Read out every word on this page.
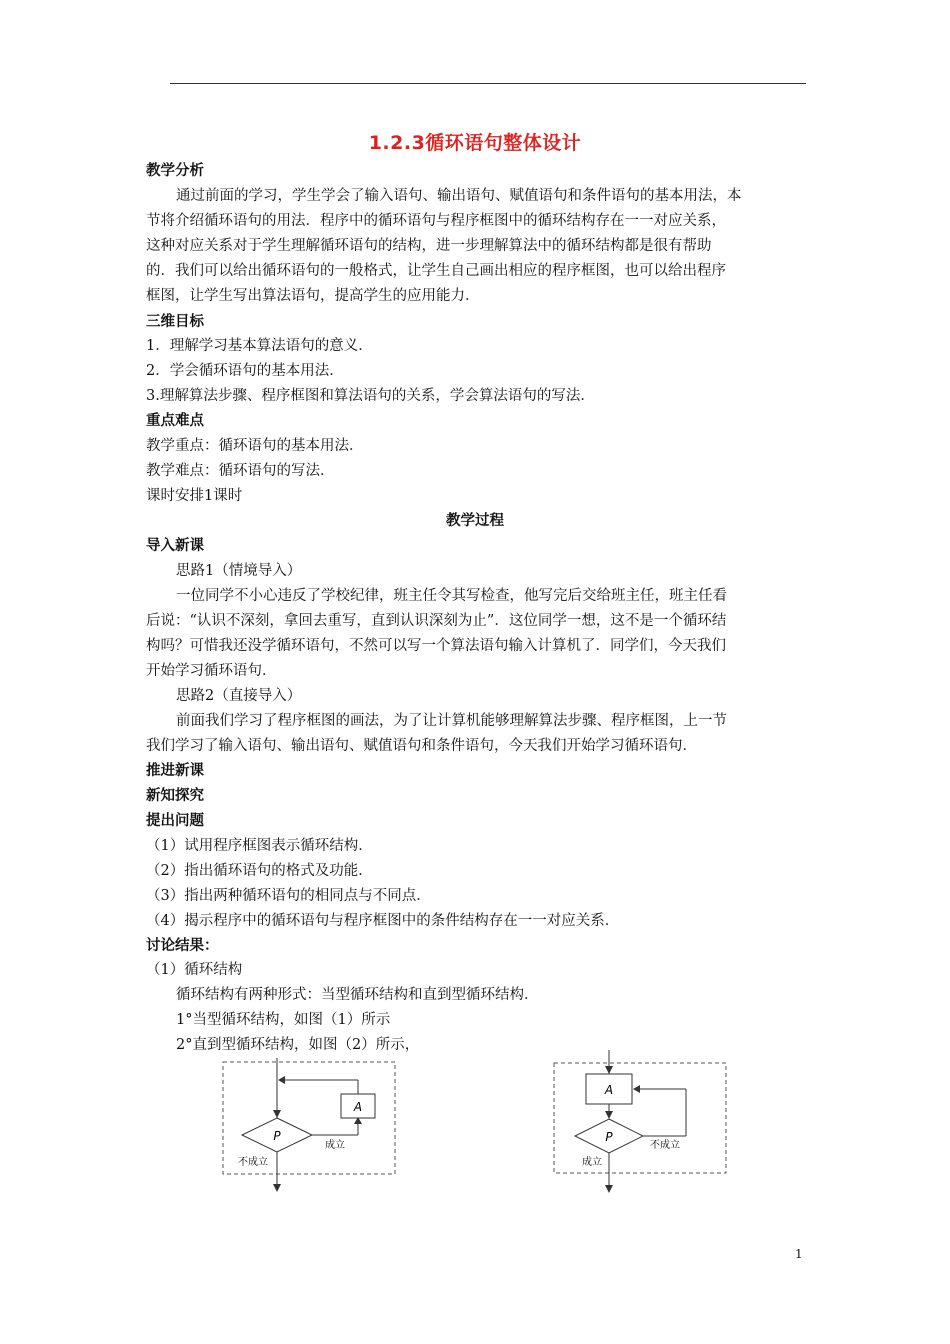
1.2.3循环语句整体设计
教学分析
通过前面的学习，学生学会了输入语句、输出语句、赋值语句和条件语句的基本用法，本
节将介绍循环语句的用法．程序中的循环语句与程序框图中的循环结构存在一一对应关系，
这种对应关系对于学生理解循环语句的结构，进一步理解算法中的循环结构都是很有帮助
的．我们可以给出循环语句的一般格式，让学生自己画出相应的程序框图，也可以给出程序
框图，让学生写出算法语句，提高学生的应用能力．
三维目标
1．理解学习基本算法语句的意义．
2．学会循环语句的基本用法．
3.理解算法步骤、程序框图和算法语句的关系，学会算法语句的写法．
重点难点
教学重点：循环语句的基本用法．
教学难点：循环语句的写法．
课时安排1课时
教学过程
导入新课
思路1（情境导入）
一位同学不小心违反了学校纪律，班主任令其写检查，他写完后交给班主任，班主任看
后说：“认识不深刻，拿回去重写，直到认识深刻为止”．这位同学一想，这不是一个循环结
构吗？可惜我还没学循环语句，不然可以写一个算法语句输入计算机了．同学们，今天我们
开始学习循环语句．
思路2（直接导入）
前面我们学习了程序框图的画法，为了让计算机能够理解算法步骤、程序框图，上一节
我们学习了输入语句、输出语句、赋值语句和条件语句，今天我们开始学习循环语句．
推进新课
新知探究
提出问题
（1）试用程序框图表示循环结构．
（2）指出循环语句的格式及功能．
（3）指出两种循环语句的相同点与不同点．
（4）揭示程序中的循环语句与程序框图中的条件结构存在一一对应关系．
讨论结果：
（1）循环结构
循环结构有两种形式：当型循环结构和直到型循环结构．
1°当型循环结构，如图（1）所示
2°直到型循环结构，如图（2）所示，
P
成立
A
不成立
A
P
不成立
成立
1
